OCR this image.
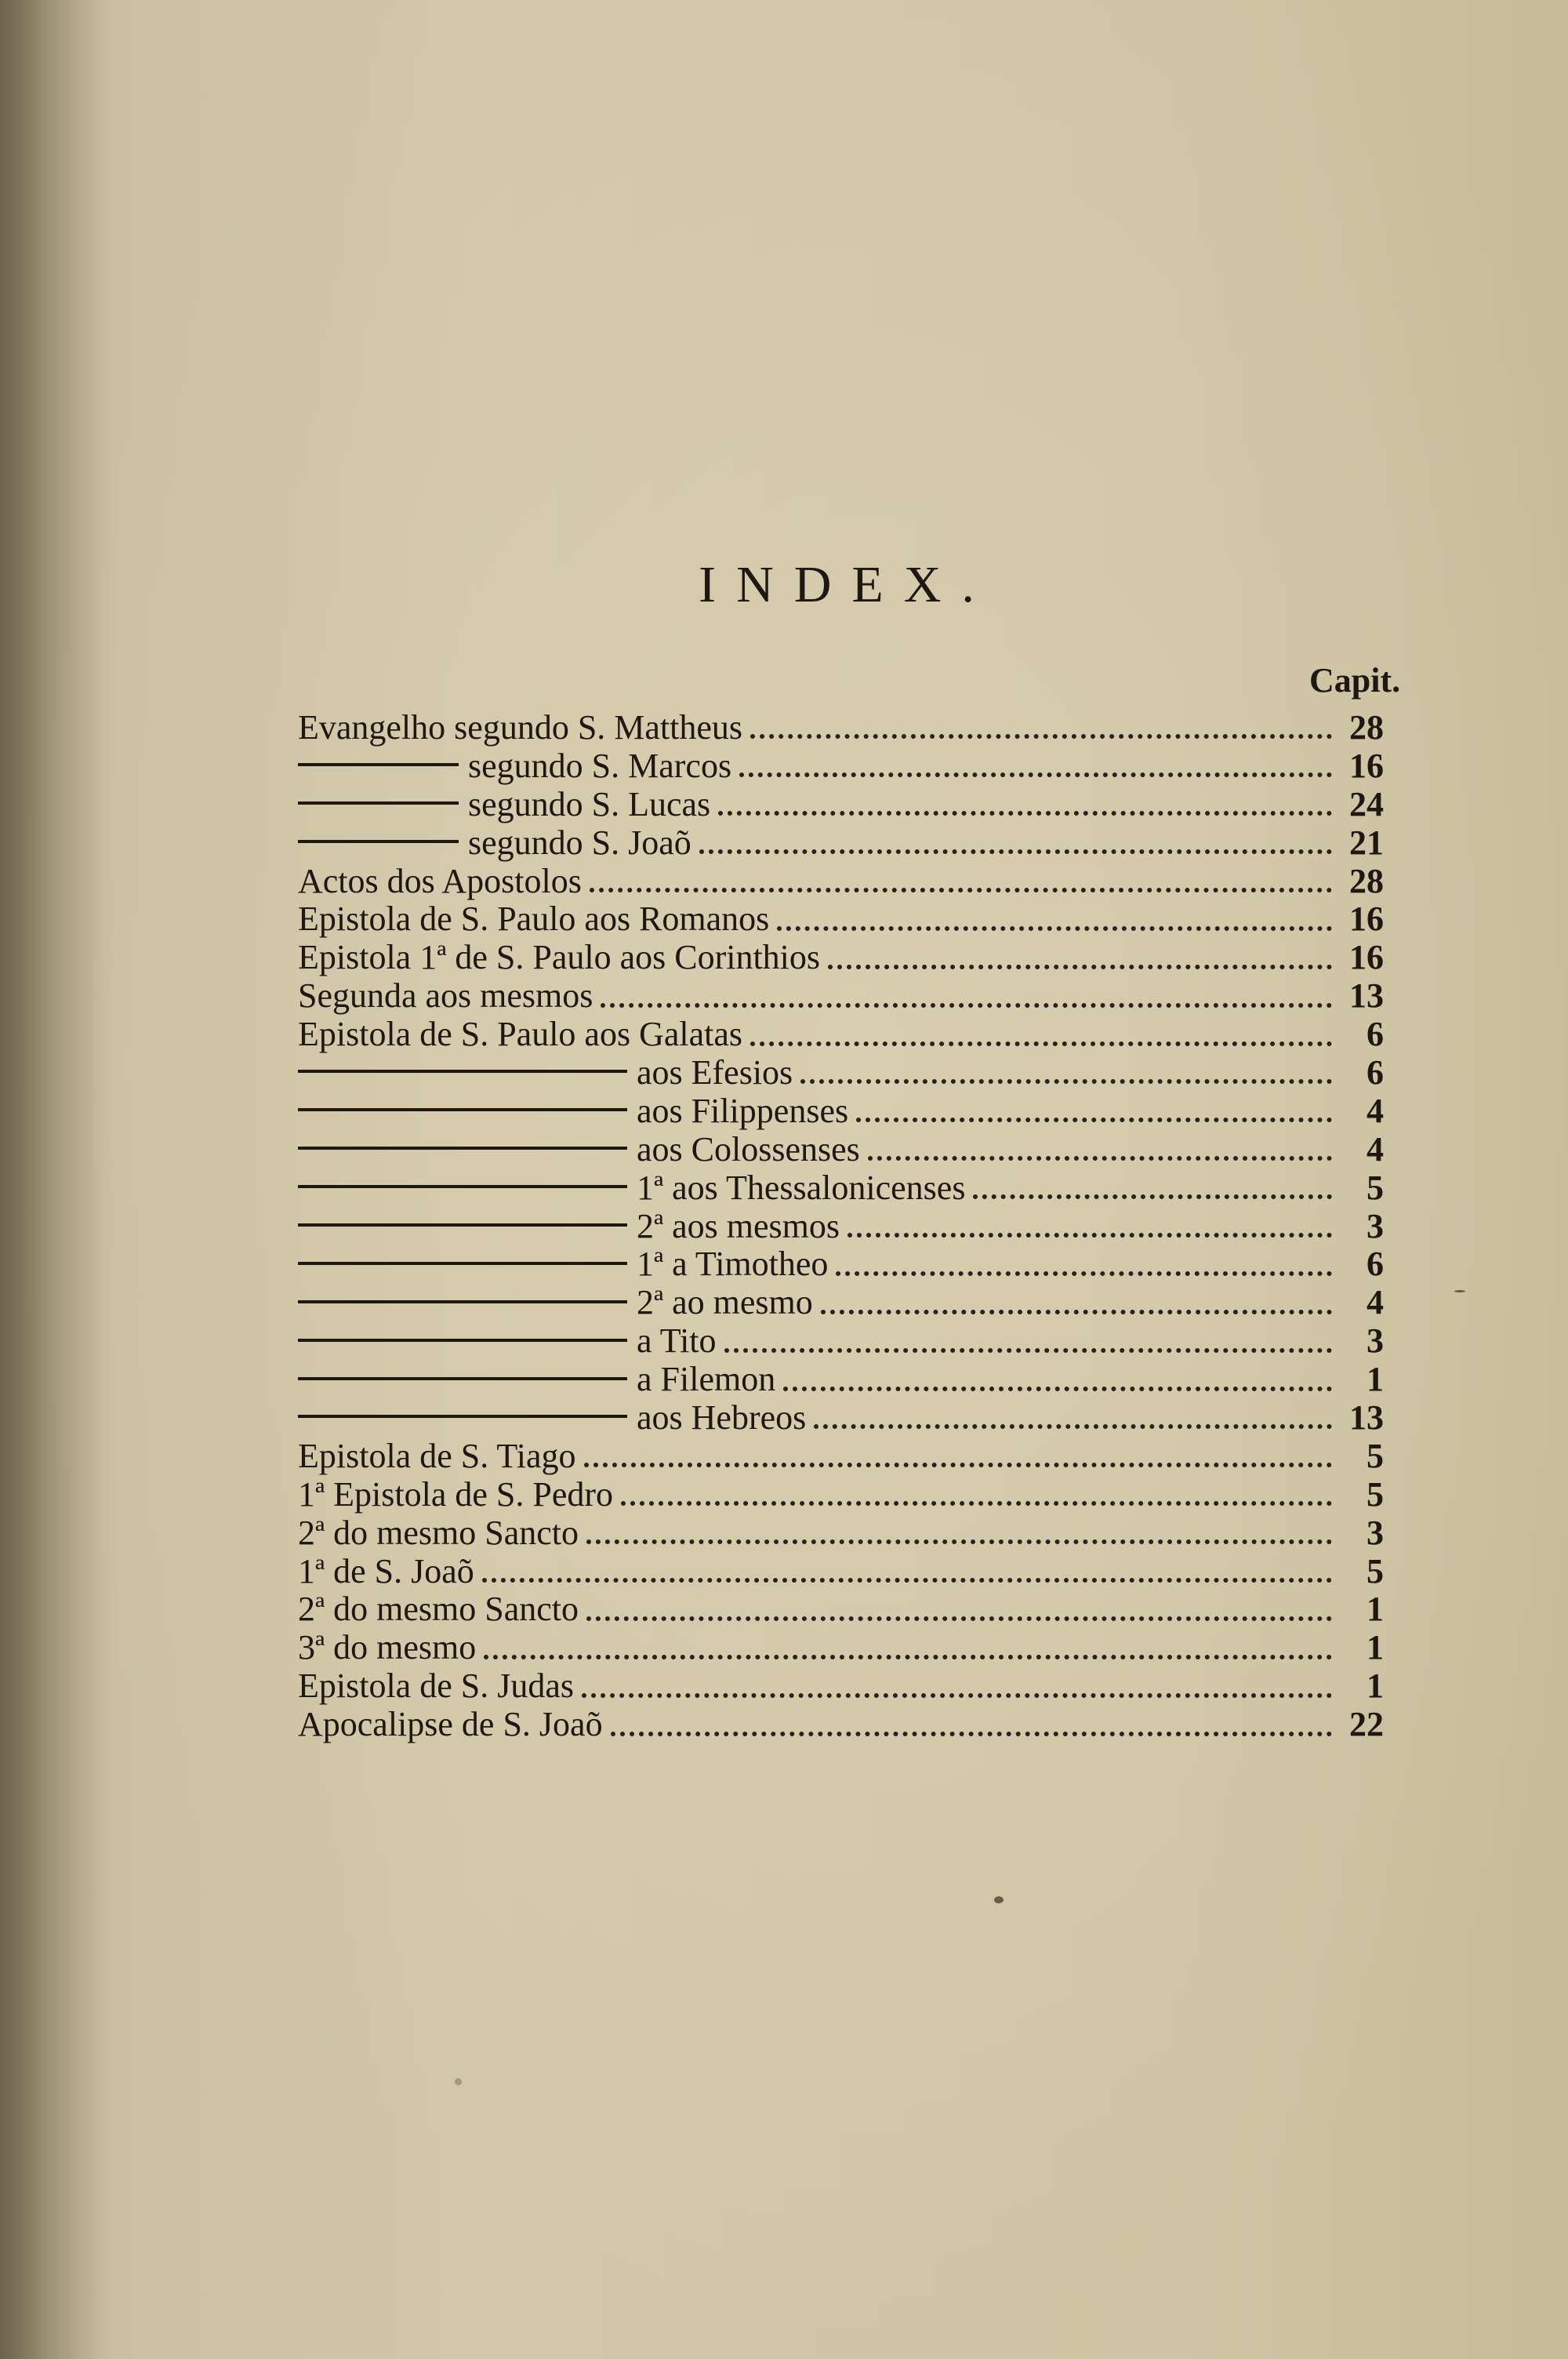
INDEX.
Capit.
Evangelho segundo S. Mattheus	28
segundo S. Marcos	16
segundo S. Lucas	24
segundo S. Joaõ	21
Actos dos Apostolos	28
Epistola de S. Paulo aos Romanos	16
Epistola 1ª de S. Paulo aos Corinthios	16
Segunda aos mesmos	13
Epistola de S. Paulo aos Galatas	6
aos Efesios	6
aos Filippenses	4
aos Colossenses	4
1ª aos Thessalonicenses	5
2ª aos mesmos	3
1ª a Timotheo	6
2ª ao mesmo	4
a Tito	3
a Filemon	1
aos Hebreos	13
Epistola de S. Tiago	5
1ª Epistola de S. Pedro	5
2ª do mesmo Sancto	3
1ª de S. Joaõ	5
2ª do mesmo Sancto	1
3ª do mesmo	1
Epistola de S. Judas	1
Apocalipse de S. Joaõ	22
